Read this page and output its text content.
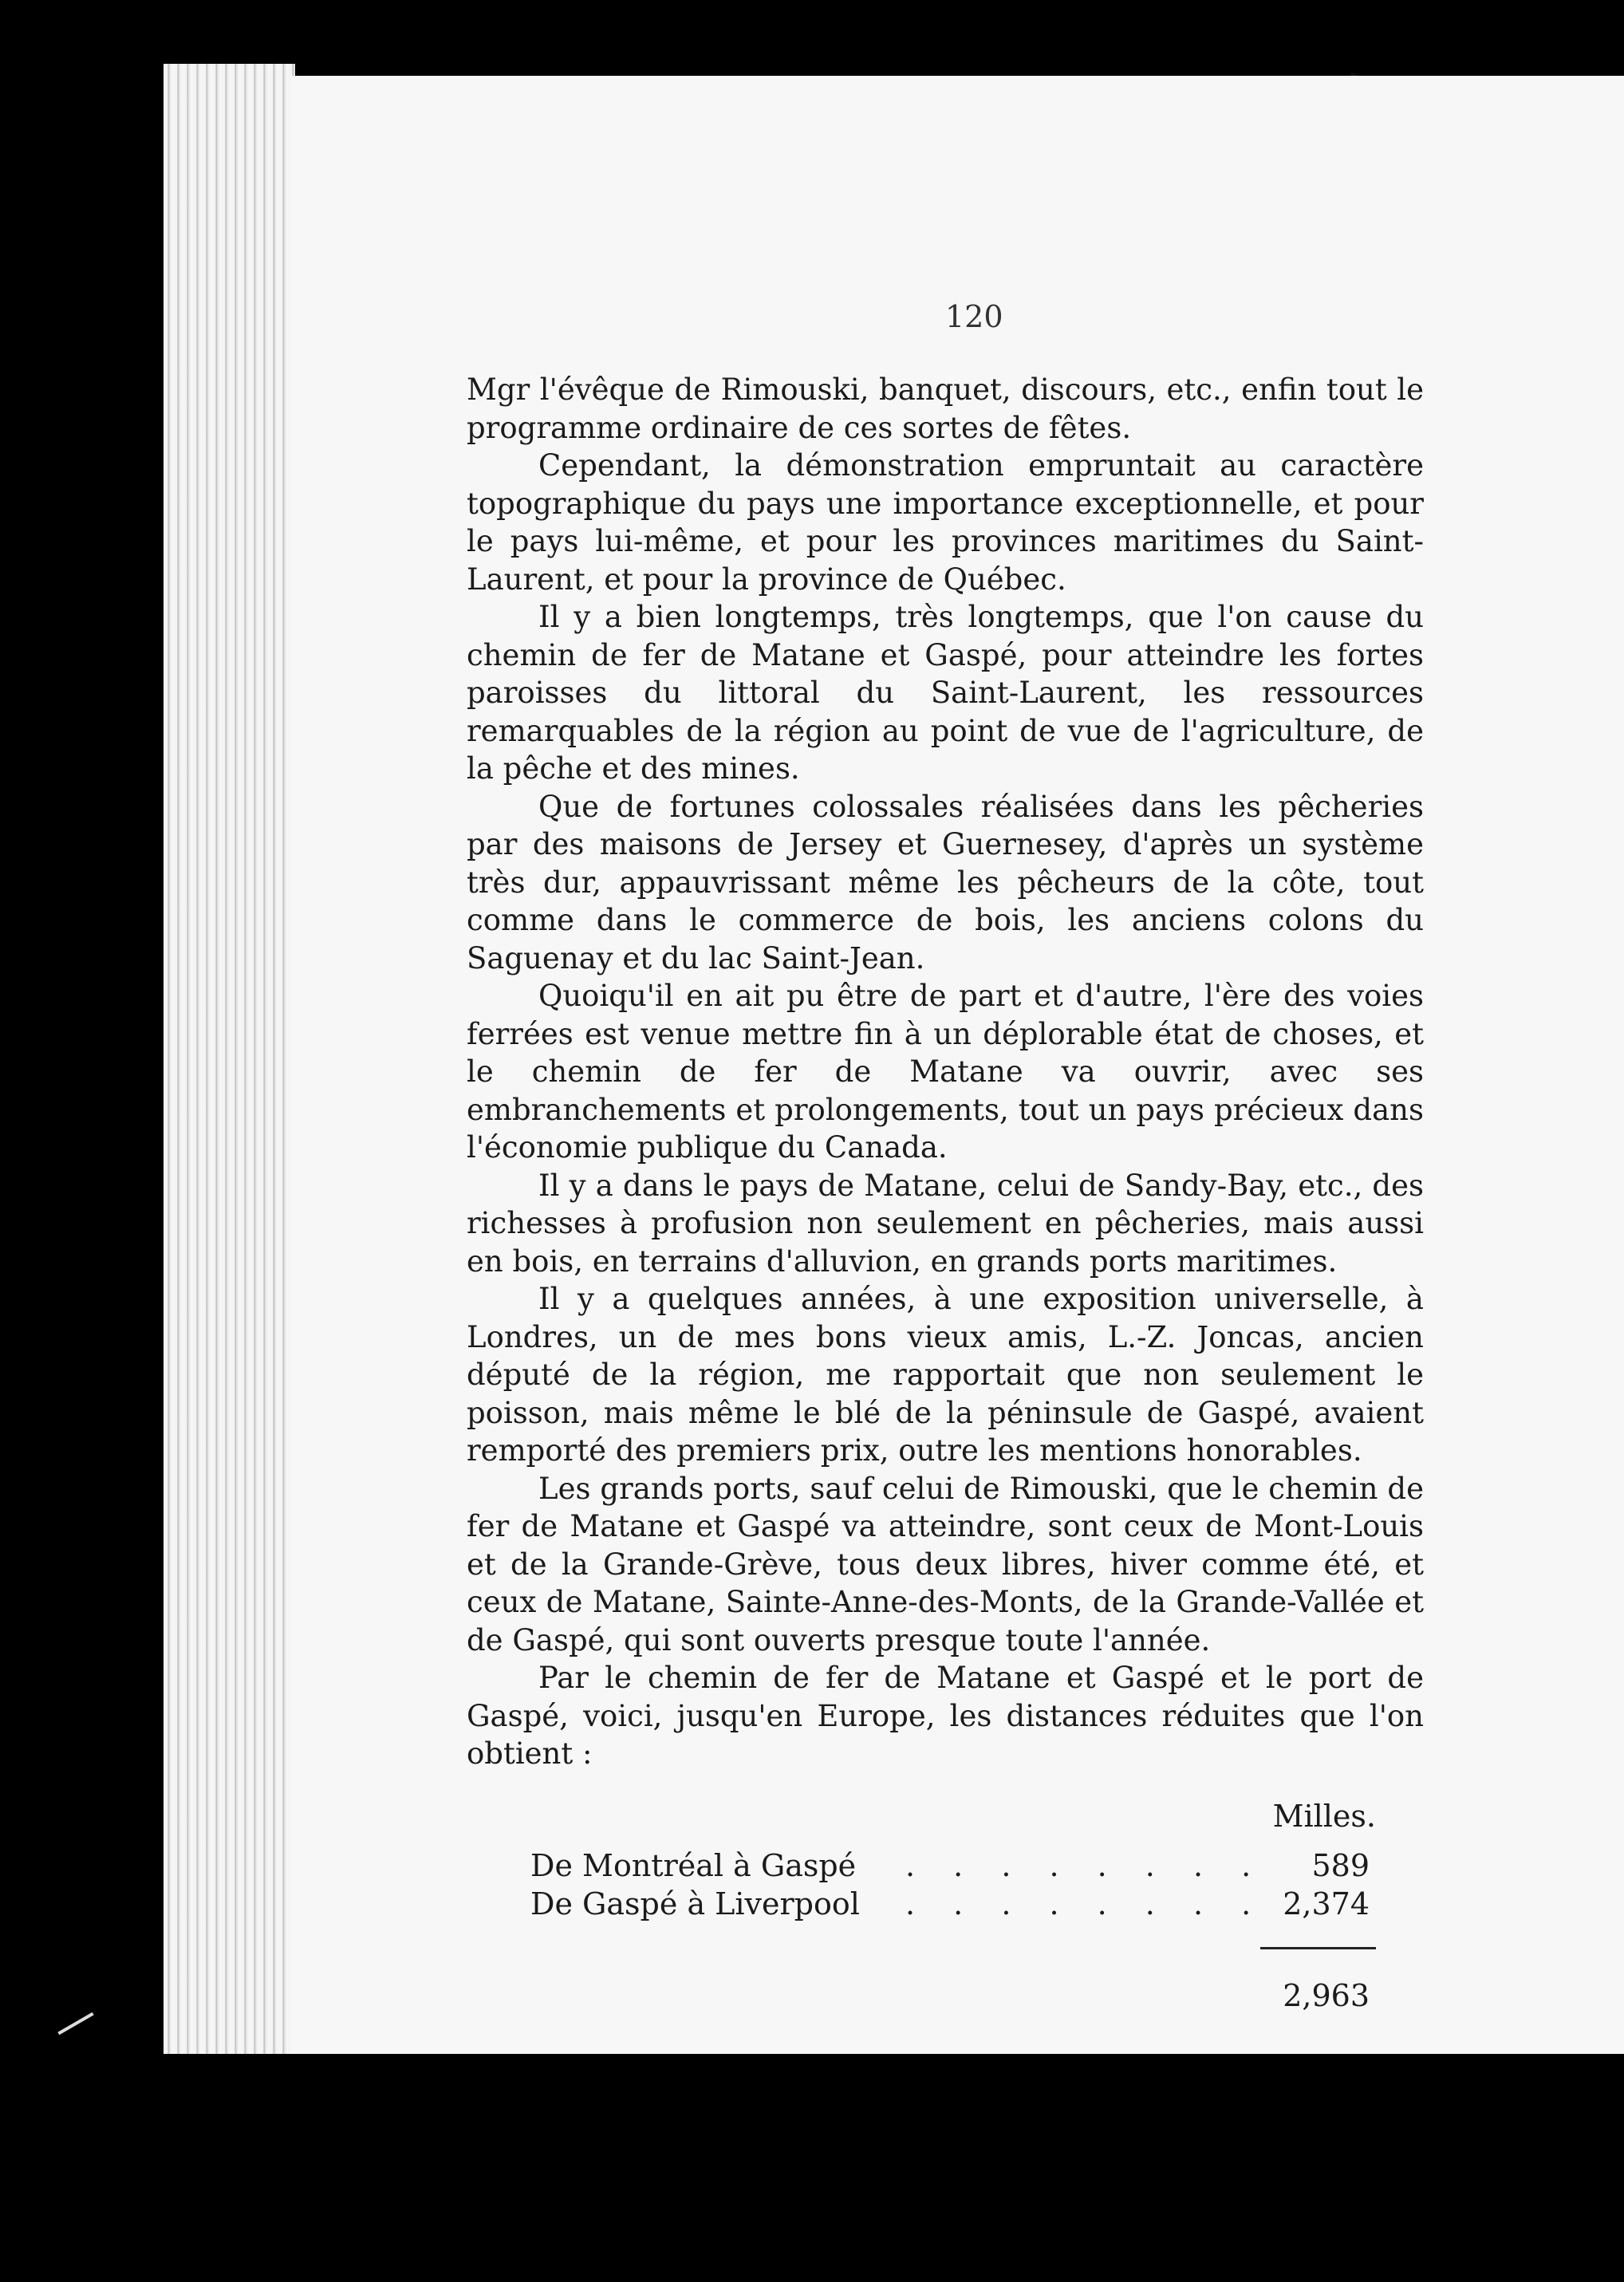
120

Mgr l'évêque de Rimouski, banquet, discours, etc., enfin tout le programme ordinaire de ces sortes de fêtes.

Cependant, la démonstration empruntait au caractère topographique du pays une importance exceptionnelle, et pour le pays lui-même, et pour les provinces maritimes du Saint-Laurent, et pour la province de Québec.

Il y a bien longtemps, très longtemps, que l'on cause du chemin de fer de Matane et Gaspé, pour atteindre les fortes paroisses du littoral du Saint-Laurent, les ressources remarquables de la région au point de vue de l'agriculture, de la pêche et des mines.

Que de fortunes colossales réalisées dans les pêcheries par des maisons de Jersey et Guernesey, d'après un système très dur, appauvrissant même les pêcheurs de la côte, tout comme dans le commerce de bois, les anciens colons du Saguenay et du lac Saint-Jean.

Quoiqu'il en ait pu être de part et d'autre, l'ère des voies ferrées est venue mettre fin à un déplorable état de choses, et le chemin de fer de Matane va ouvrir, avec ses embranchements et prolongements, tout un pays précieux dans l'économie publique du Canada.

Il y a dans le pays de Matane, celui de Sandy-Bay, etc., des richesses à profusion non seulement en pêcheries, mais aussi en bois, en terrains d'alluvion, en grands ports maritimes.

Il y a quelques années, à une exposition universelle, à Londres, un de mes bons vieux amis, L.-Z. Joncas, ancien député de la région, me rapportait que non seulement le poisson, mais même le blé de la péninsule de Gaspé, avaient remporté des premiers prix, outre les mentions honorables.

Les grands ports, sauf celui de Rimouski, que le chemin de fer de Matane et Gaspé va atteindre, sont ceux de Mont-Louis et de la Grande-Grève, tous deux libres, hiver comme été, et ceux de Matane, Sainte-Anne-des-Monts, de la Grande-Vallée et de Gaspé, qui sont ouverts presque toute l'année.

Par le chemin de fer de Matane et Gaspé et le port de Gaspé, voici, jusqu'en Europe, les distances réduites que l'on obtient :

Milles.
De Montréal à Gaspé . . . . . . . . 589
De Gaspé à Liverpool . . . . . . . . 2,374
2,963
